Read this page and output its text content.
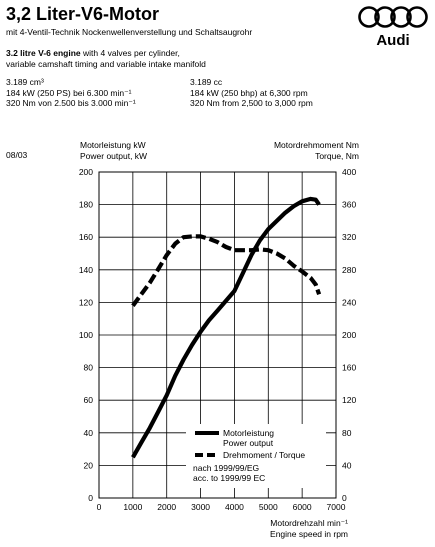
3,2 Liter-V6-Motor
mit 4-Ventil-Technik Nockenwellenverstellung und Schaltsaugrohr
3.2 litre V-6 engine with 4 valves per cylinder,
variable camshaft timing and variable intake manifold
3.189 cm³
184 kW (250 PS) bei 6.300 min⁻¹
320 Nm von 2.500 bis 3.000 min⁻¹
3.189 cc
184 kW (250 bhp) at 6,300 rpm
320 Nm from 2,500 to 3,000 rpm
08/03
Motorleistung kW
Power output, kW
Motordrehmoment Nm
Torque, Nm
Motordrehzahl min⁻¹
Engine speed in rpm
Audi
0	1000 2000 3000 4000 5000 6000 7000
0
20
40
60
80
100
120
140
160
180
200
0
40
80
120
160
200
240
280
320
360
400
Motorleistung
Power output
Drehmoment / Torque
nach 1999/99/EG
acc. to 1999/99 EC
